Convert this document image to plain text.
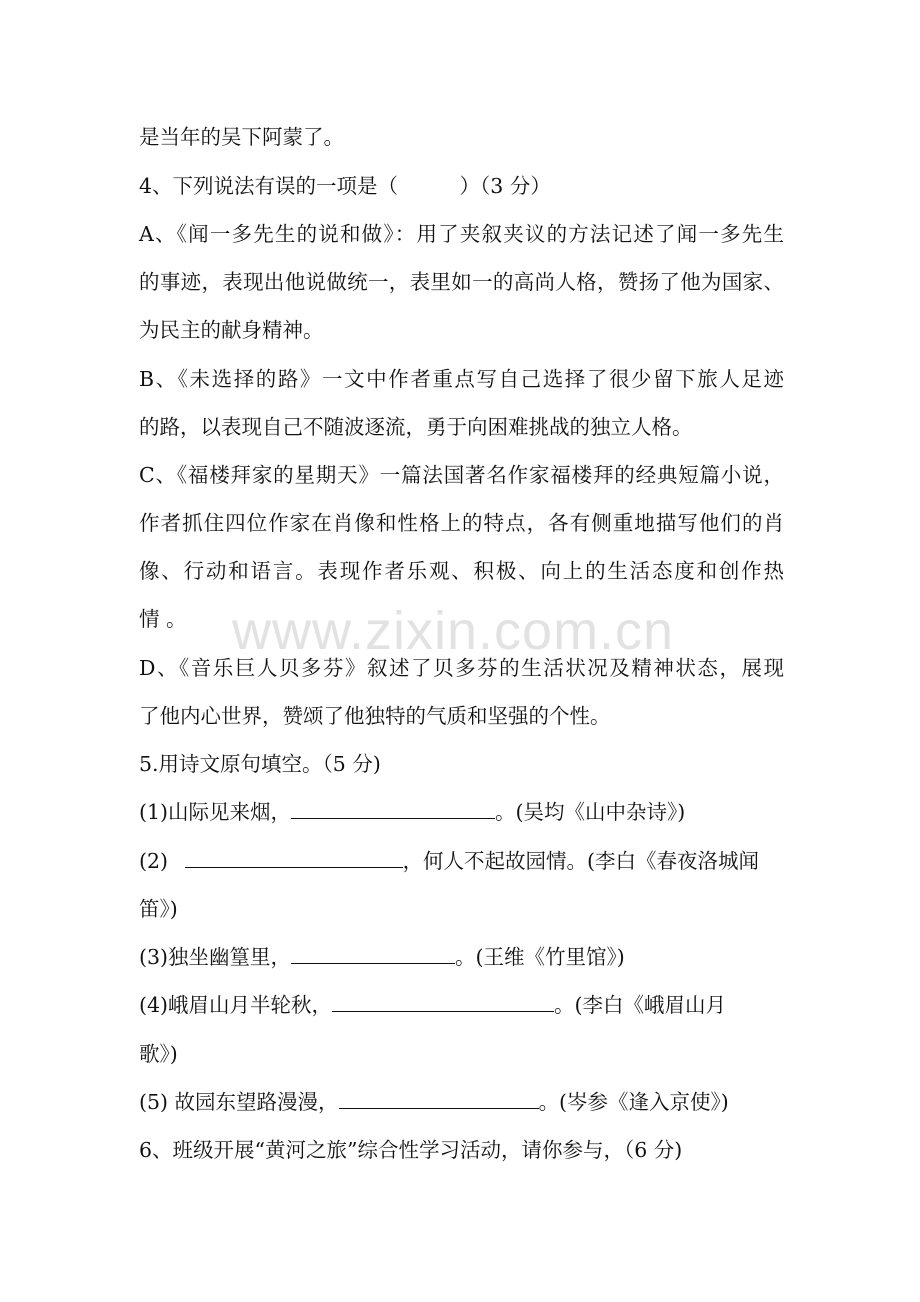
是当年的吴下阿蒙了。
4、下列说法有误的一项是（　　　）（3 分）
A、《闻一多先生的说和做》：用了夹叙夹议的方法记述了闻一多先生
的事迹，表现出他说做统一，表里如一的高尚人格，赞扬了他为国家、
为民主的献身精神。
B、《未选择的路》一文中作者重点写自己选择了很少留下旅人足迹
的路，以表现自己不随波逐流，勇于向困难挑战的独立人格。
C、《福楼拜家的星期天》一篇法国著名作家福楼拜的经典短篇小说，
作者抓住四位作家在肖像和性格上的特点，各有侧重地描写他们的肖
像、行动和语言。表现作者乐观、积极、向上的生活态度和创作热
情 。
D、《音乐巨人贝多芬》叙述了贝多芬的生活状况及精神状态，展现
了他内心世界，赞颂了他独特的气质和坚强的个性。
5.用诗文原句填空。（5 分)
(1)山际见来烟，	。(吴均《山中杂诗》)
(2)	，何人不起故园情。(李白《春夜洛城闻
笛》)
(3)独坐幽篁里，	。(王维《竹里馆》)
(4)峨眉山月半轮秋，	。(李白《峨眉山月
歌》)
(5) 故园东望路漫漫，	。(岑参《逢入京使》)
6、班级开展“黄河之旅”综合性学习活动，请你参与，（6 分)
www.zixin.com.cn
